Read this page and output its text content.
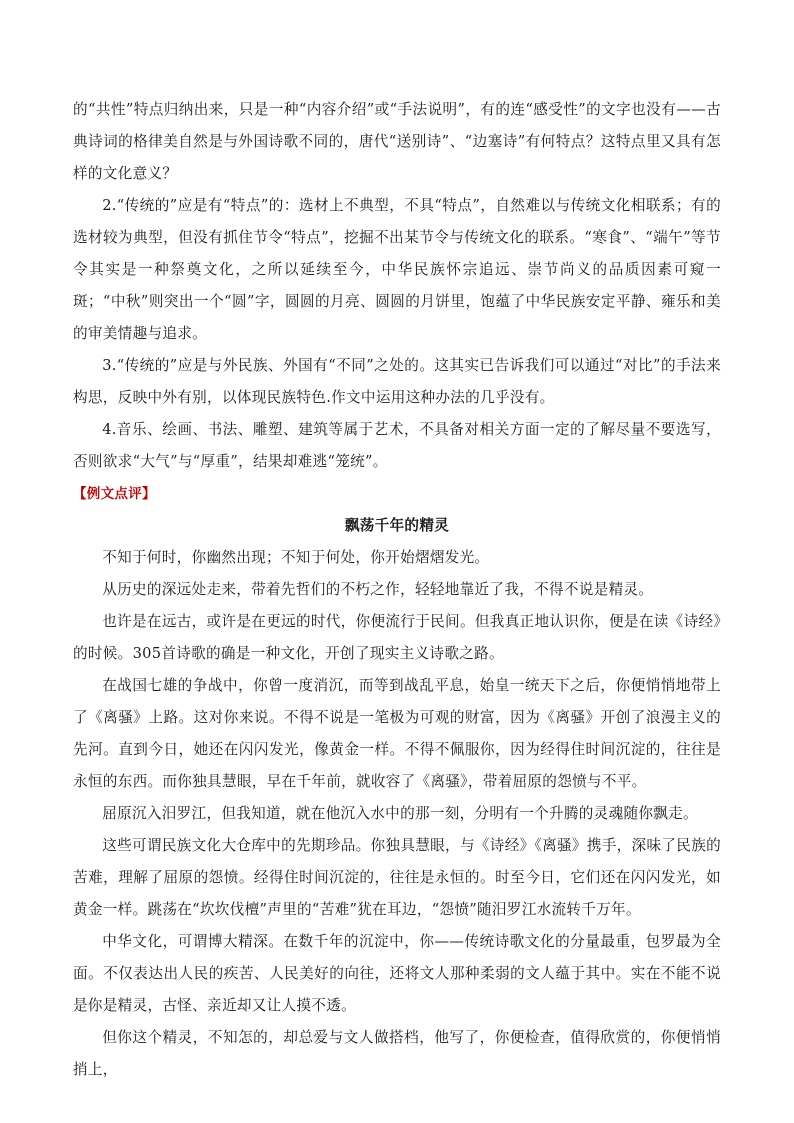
的“共性”特点归纳出来，只是一种“内容介绍”或“手法说明”，有的连“感受性”的文字也没有——古典诗词的格律美自然是与外国诗歌不同的，唐代“送别诗”、“边塞诗”有何特点？这特点里又具有怎样的文化意义？

2.“传统的”应是有“特点”的：选材上不典型，不具“特点”，自然难以与传统文化相联系；有的选材较为典型，但没有抓住节令“特点”，挖掘不出某节令与传统文化的联系。“寒食”、“端午”等节令其实是一种祭奠文化，之所以延续至今，中华民族怀宗追远、崇节尚义的品质因素可窥一斑；“中秋”则突出一个“圆”字，圆圆的月亮、圆圆的月饼里，饱蕴了中华民族安定平静、雍乐和美的审美情趣与追求。

3.“传统的”应是与外民族、外国有“不同”之处的。这其实已告诉我们可以通过“对比”的手法来构思，反映中外有别，以体现民族特色.作文中运用这种办法的几乎没有。

4.音乐、绘画、书法、雕塑、建筑等属于艺术，不具备对相关方面一定的了解尽量不要选写，否则欲求“大气”与“厚重”，结果却难逃“笼统”。

【例文点评】

飘荡千年的精灵

不知于何时，你幽然出现；不知于何处，你开始熠熠发光。

从历史的深远处走来，带着先哲们的不朽之作，轻轻地靠近了我，不得不说是精灵。

也许是在远古，或许是在更远的时代，你便流行于民间。但我真正地认识你，便是在读《诗经》的时候。305首诗歌的确是一种文化，开创了现实主义诗歌之路。

在战国七雄的争战中，你曾一度消沉，而等到战乱平息，始皇一统天下之后，你便悄悄地带上了《离骚》上路。这对你来说。不得不说是一笔极为可观的财富，因为《离骚》开创了浪漫主义的先河。直到今日，她还在闪闪发光，像黄金一样。不得不佩服你，因为经得住时间沉淀的，往往是永恒的东西。而你独具慧眼，早在千年前，就收容了《离骚》，带着屈原的怨愤与不平。

屈原沉入汨罗江，但我知道，就在他沉入水中的那一刻，分明有一个升腾的灵魂随你飘走。

这些可谓民族文化大仓库中的先期珍品。你独具慧眼，与《诗经》《离骚》携手，深味了民族的苦难，理解了屈原的怨愤。经得住时间沉淀的，往往是永恒的。时至今日，它们还在闪闪发光，如黄金一样。跳荡在“坎坎伐檀”声里的“苦难”犹在耳边，“怨愤”随汨罗江水流转千万年。

中华文化，可谓博大精深。在数千年的沉淀中，你——传统诗歌文化的分量最重，包罗最为全面。不仅表达出人民的疾苦、人民美好的向往，还将文人那种柔弱的文人蕴于其中。实在不能不说是你是精灵，古怪、亲近却又让人摸不透。

但你这个精灵，不知怎的，却总爱与文人做搭档，他写了，你便检查，值得欣赏的，你便悄悄捎上，
